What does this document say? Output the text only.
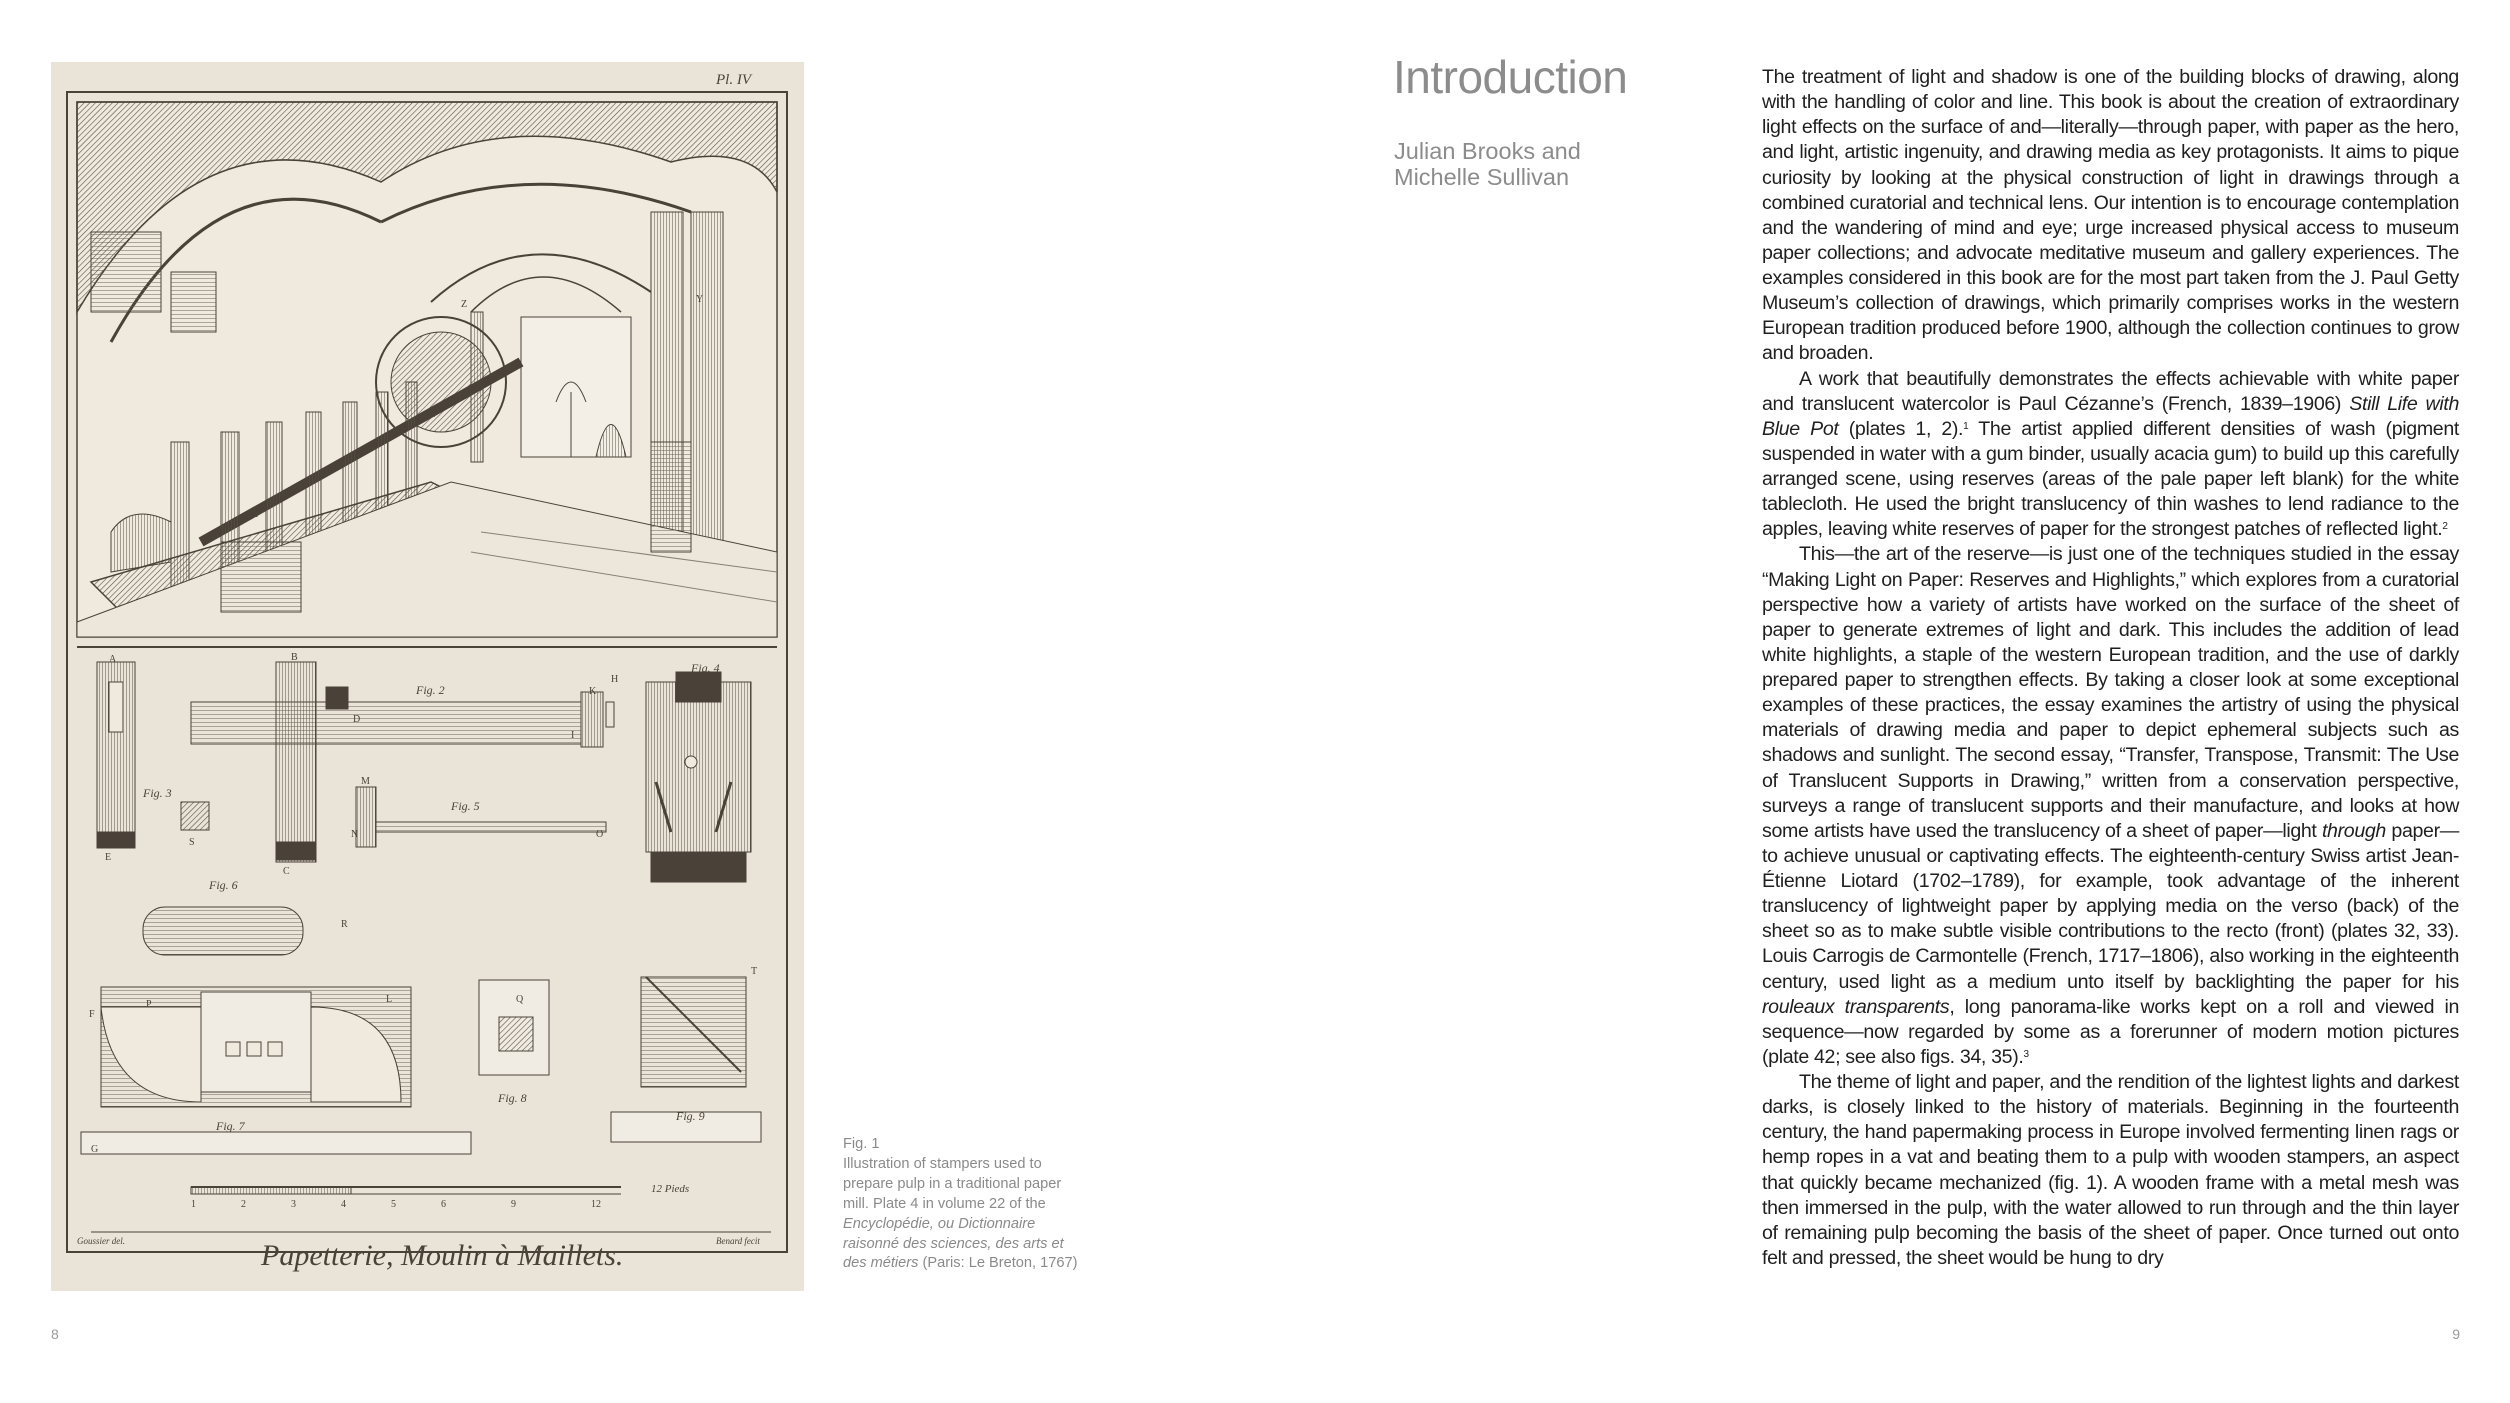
Pl. IV
Fig. 2
Fig. 4
Fig. 3
Fig. 5
Fig. 6
Fig. 7
Fig. 8
Fig. 9
12 Pieds
1	2	3	4	5	6	9	12
A	B
C
D
E
F
G
H
I
K
L
M
N	O
P	Q
R
S
T
V
X
Y
Z
Goussier del.	Benard fecit
Papetterie, Moulin à Maillets.

Fig. 1

Illustration of stampers used to prepare pulp in a traditional paper mill. Plate 4 in volume 22 of the Encyclopédie, ou Dictionnaire raisonné des sciences, des arts et des métiers (Paris: Le Breton, 1767)

8
Introduction
Julian Brooks and
Michelle Sullivan

The treatment of light and shadow is one of the building blocks of drawing, along with the handling of color and line. This book is about the creation of extraordinary light effects on the surface of and—literally—through paper, with paper as the hero, and light, artistic ingenuity, and drawing media as key protagonists. It aims to pique curiosity by looking at the physical construction of light in drawings through a combined curatorial and technical lens. Our intention is to encourage contemplation and the wandering of mind and eye; urge increased physical access to museum paper collections; and advocate meditative museum and gallery experiences. The examples considered in this book are for the most part taken from the J. Paul Getty Museum’s collection of drawings, which primarily comprises works in the western European tradition produced before 1900, although the collection continues to grow and broaden.

A work that beautifully demonstrates the effects achievable with white paper and translucent watercolor is Paul Cézanne’s (French, 1839–1906) Still Life with Blue Pot (plates 1, 2).$^1$ The artist applied different densities of wash (pigment suspended in water with a gum binder, usually acacia gum) to build up this carefully arranged scene, using reserves (areas of the pale paper left blank) for the white tablecloth. He used the bright translucency of thin washes to lend radiance to the apples, leaving white reserves of paper for the strongest patches of reflected light.$^2$

This—the art of the reserve—is just one of the techniques studied in the essay “Making Light on Paper: Reserves and Highlights,” which explores from a curatorial perspective how a variety of artists have worked on the surface of the sheet of paper to generate extremes of light and dark. This includes the addition of lead white highlights, a staple of the western European tradition, and the use of darkly prepared paper to strengthen effects. By taking a closer look at some exceptional examples of these practices, the essay examines the artistry of using the physical materials of drawing media and paper to depict ephemeral subjects such as shadows and sunlight. The second essay, “Transfer, Transpose, Transmit: The Use of Translucent Supports in Drawing,” written from a conservation perspective, surveys a range of translucent supports and their manufacture, and looks at how some artists have used the translucency of a sheet of paper—light through paper—to achieve unusual or captivating effects. The eighteenth-century Swiss artist Jean-Étienne Liotard (1702–1789), for example, took advantage of the inherent translucency of lightweight paper by applying media on the verso (back) of the sheet so as to make subtle visible contributions to the recto (front) (plates 32, 33). Louis Carrogis de Carmontelle (French, 1717–1806), also working in the eighteenth century, used light as a medium unto itself by backlighting the paper for his rouleaux transparents, long panorama-like works kept on a roll and viewed in sequence—now regarded by some as a forerunner of modern motion pictures (plate 42; see also figs. 34, 35).$^3$

The theme of light and paper, and the rendition of the lightest lights and darkest darks, is closely linked to the history of materials. Beginning in the fourteenth century, the hand papermaking process in Europe involved fermenting linen rags or hemp ropes in a vat and beating them to a pulp with wooden stampers, an aspect that quickly became mechanized (fig. 1). A wooden frame with a metal mesh was then immersed in the pulp, with the water allowed to run through and the thin layer of remaining pulp becoming the basis of the sheet of paper. Once turned out onto felt and pressed, the sheet would be hung to dry

9
